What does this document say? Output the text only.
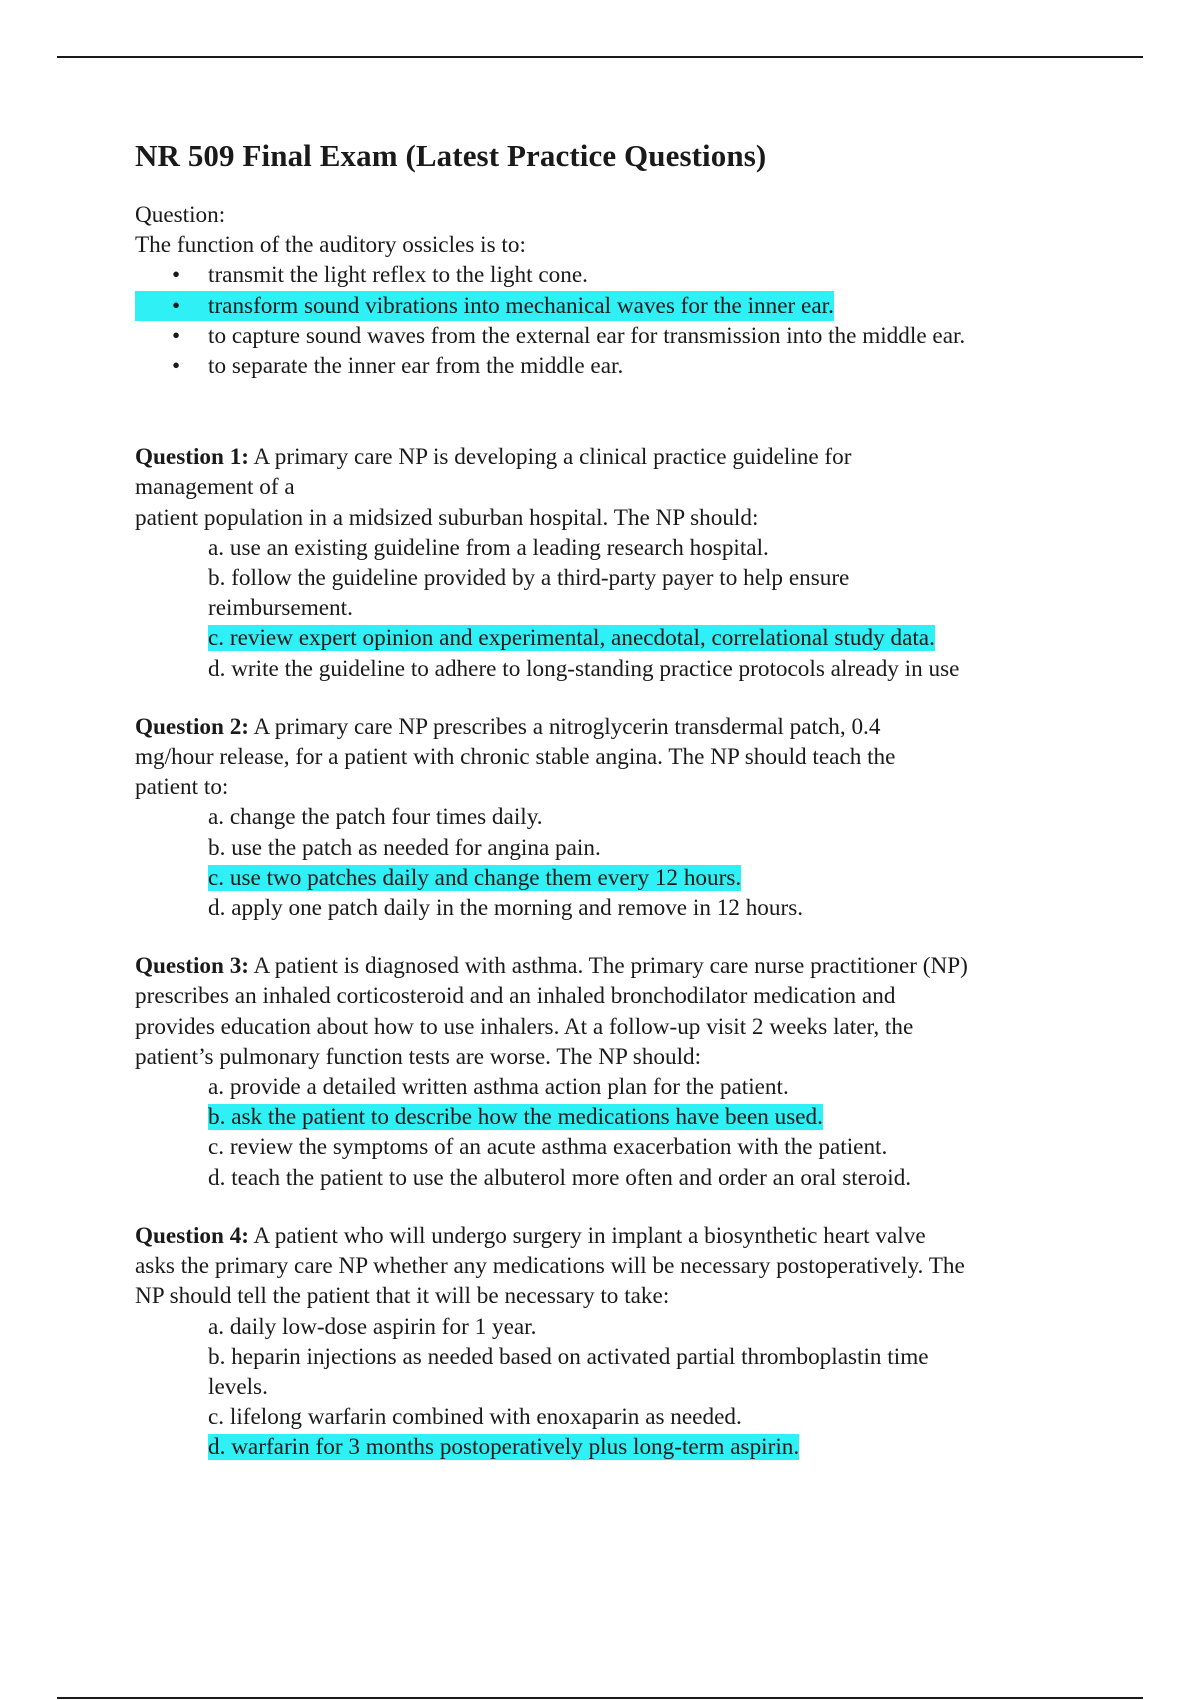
NR 509 Final Exam (Latest Practice Questions)
Question:
The function of the auditory ossicles is to:
• transmit the light reflex to the light cone.
• transform sound vibrations into mechanical waves for the inner ear.
• to capture sound waves from the external ear for transmission into the middle ear.
• to separate the inner ear from the middle ear.
Question 1: A primary care NP is developing a clinical practice guideline for
management of a
patient population in a midsized suburban hospital. The NP should:
a. use an existing guideline from a leading research hospital.
b. follow the guideline provided by a third-party payer to help ensure
reimbursement.
c. review expert opinion and experimental, anecdotal, correlational study data.
d. write the guideline to adhere to long-standing practice protocols already in use
Question 2: A primary care NP prescribes a nitroglycerin transdermal patch, 0.4
mg/hour release, for a patient with chronic stable angina. The NP should teach the
patient to:
a. change the patch four times daily.
b. use the patch as needed for angina pain.
c. use two patches daily and change them every 12 hours.
d. apply one patch daily in the morning and remove in 12 hours.
Question 3: A patient is diagnosed with asthma. The primary care nurse practitioner (NP)
prescribes an inhaled corticosteroid and an inhaled bronchodilator medication and
provides education about how to use inhalers. At a follow-up visit 2 weeks later, the
patient’s pulmonary function tests are worse. The NP should:
a. provide a detailed written asthma action plan for the patient.
b. ask the patient to describe how the medications have been used.
c. review the symptoms of an acute asthma exacerbation with the patient.
d. teach the patient to use the albuterol more often and order an oral steroid.
Question 4: A patient who will undergo surgery in implant a biosynthetic heart valve
asks the primary care NP whether any medications will be necessary postoperatively. The
NP should tell the patient that it will be necessary to take:
a. daily low-dose aspirin for 1 year.
b. heparin injections as needed based on activated partial thromboplastin time
levels.
c. lifelong warfarin combined with enoxaparin as needed.
d. warfarin for 3 months postoperatively plus long-term aspirin.
